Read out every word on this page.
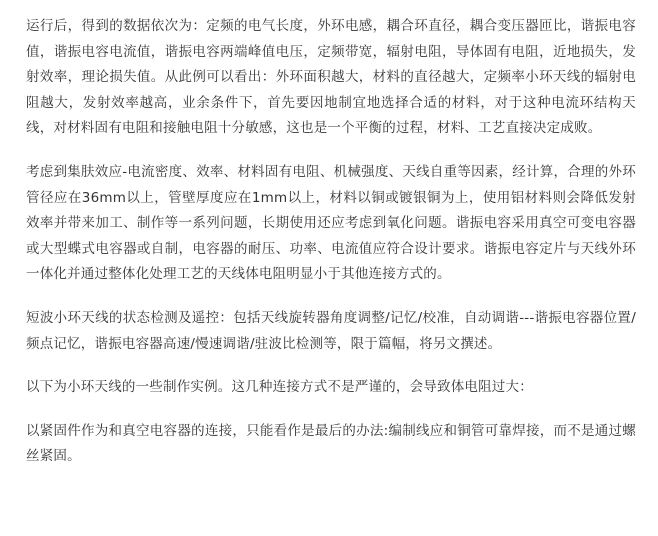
运行后，得到的数据依次为：定频的电气长度，外环电感，耦合环直径，耦合变压器匝比，谐振电容值，谐振电容电流值，谐振电容两端峰值电压，定频带宽，辐射电阻，导体固有电阻，近地损失，发射效率，理论损失值。从此例可以看出：外环面积越大，材料的直径越大，定频率小环天线的辐射电阻越大，发射效率越高，业余条件下，首先要因地制宜地选择合适的材料，对于这种电流环结构天线，对材料固有电阻和接触电阻十分敏感，这也是一个平衡的过程，材料、工艺直接决定成败。

考虑到集肤效应-电流密度、效率、材料固有电阻、机械强度、天线自重等因素，经计算，合理的外环管径应在36mm以上，管壁厚度应在1mm以上，材料以铜或镀银铜为上，使用铝材料则会降低发射效率并带来加工、制作等一系列问题，长期使用还应考虑到氧化问题。谐振电容采用真空可变电容器或大型蝶式电容器或自制，电容器的耐压、功率、电流值应符合设计要求。谐振电容定片与天线外环一体化并通过整体化处理工艺的天线体电阻明显小于其他连接方式的。

短波小环天线的状态检测及遥控：包括天线旋转器角度调整/记忆/校准，自动调谐---谐振电容器位置/频点记忆，谐振电容器高速/慢速调谐/驻波比检测等，限于篇幅，将另文撰述。

以下为小环天线的一些制作实例。这几种连接方式不是严谨的，会导致体电阻过大：

以紧固件作为和真空电容器的连接，只能看作是最后的办法:编制线应和铜管可靠焊接，而不是通过螺丝紧固。
